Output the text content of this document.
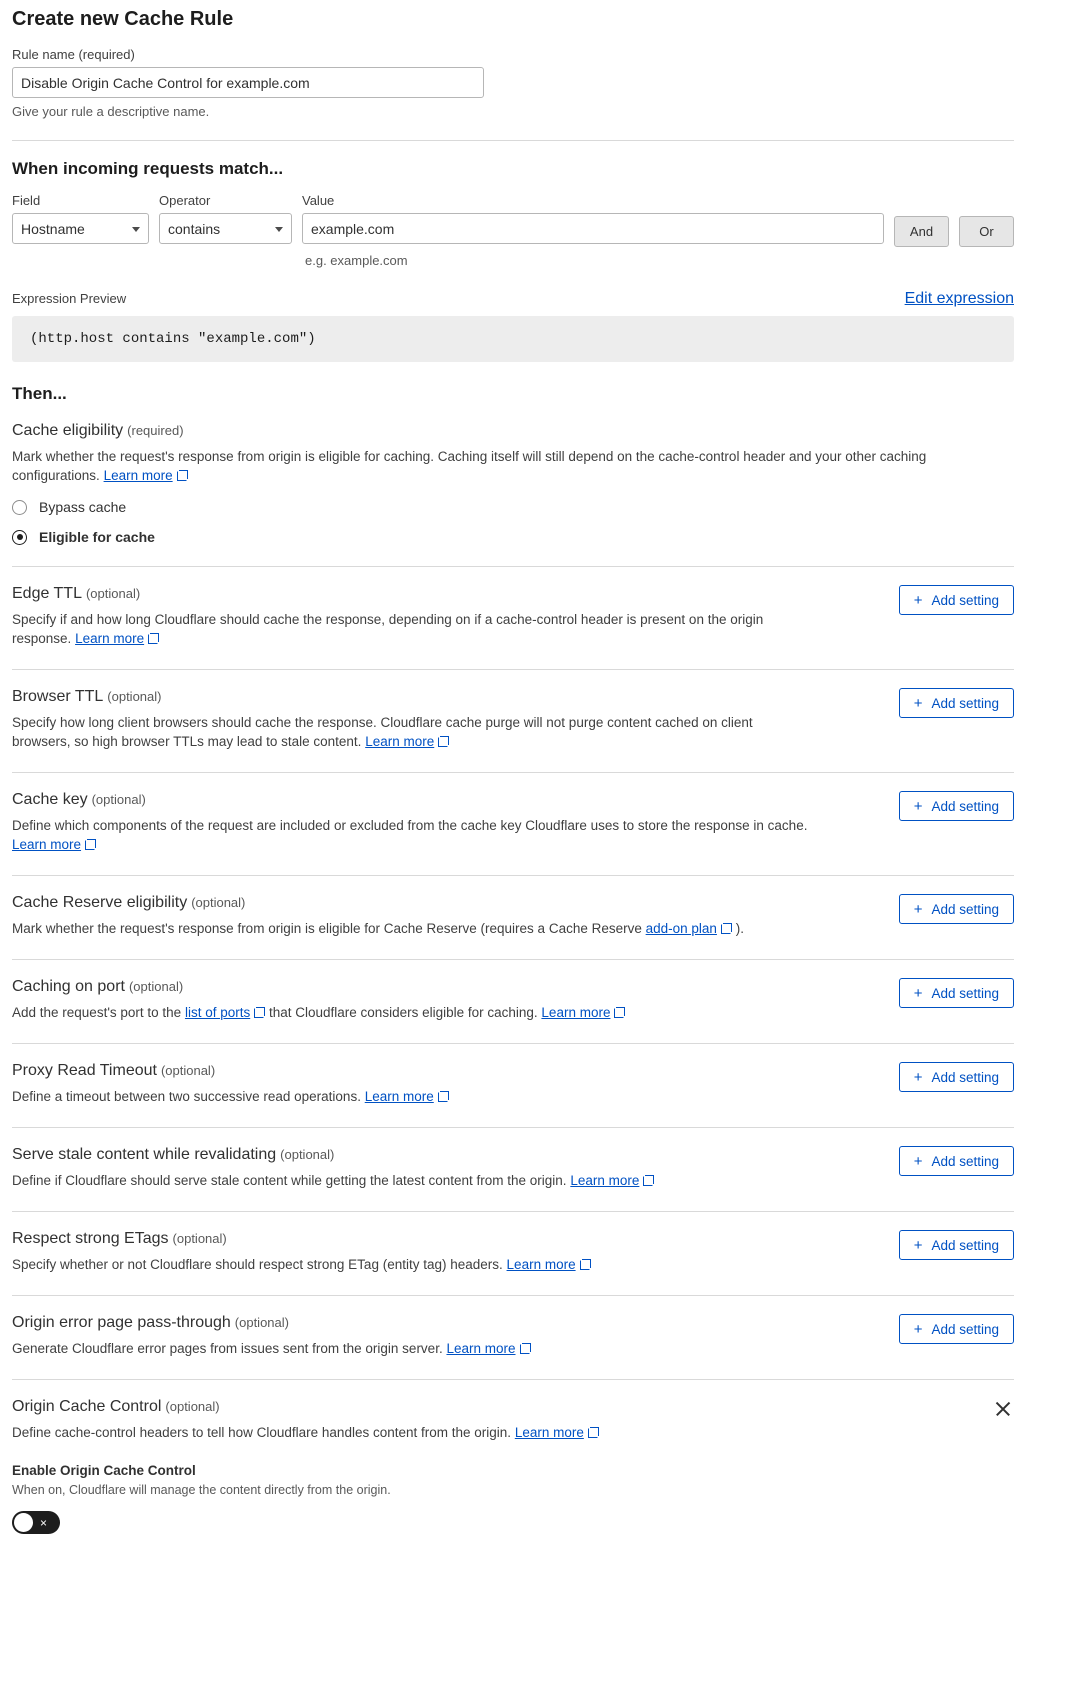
Create new Cache Rule
Rule name (required)
Disable Origin Cache Control for example.com
Give your rule a descriptive name.
When incoming requests match...
Field
Hostname
Operator
contains
Value
example.com
And	Or
e.g. example.com
Expression Preview	Edit expression
(http.host contains "example.com")
Then...
Cache eligibility (required)
Mark whether the request's response from origin is eligible for caching. Caching itself will still depend on the cache-control header and your other caching configurations. Learn more
Bypass cache
Eligible for cache
Edge TTL (optional)
Specify if and how long Cloudflare should cache the response, depending on if a cache-control header is present on the origin response. Learn more
+ Add setting
Browser TTL (optional)
Specify how long client browsers should cache the response. Cloudflare cache purge will not purge content cached on client browsers, so high browser TTLs may lead to stale content. Learn more
+ Add setting
Cache key (optional)
Define which components of the request are included or excluded from the cache key Cloudflare uses to store the response in cache. Learn more
+ Add setting
Cache Reserve eligibility (optional)
Mark whether the request's response from origin is eligible for Cache Reserve (requires a Cache Reserve add-on plan ).
+ Add setting
Caching on port (optional)
Add the request's port to the list of ports that Cloudflare considers eligible for caching. Learn more
+ Add setting
Proxy Read Timeout (optional)
Define a timeout between two successive read operations. Learn more
+ Add setting
Serve stale content while revalidating (optional)
Define if Cloudflare should serve stale content while getting the latest content from the origin. Learn more
+ Add setting
Respect strong ETags (optional)
Specify whether or not Cloudflare should respect strong ETag (entity tag) headers. Learn more
+ Add setting
Origin error page pass-through (optional)
Generate Cloudflare error pages from issues sent from the origin server. Learn more
+ Add setting
Origin Cache Control (optional)
Define cache-control headers to tell how Cloudflare handles content from the origin. Learn more
Enable Origin Cache Control
When on, Cloudflare will manage the content directly from the origin.
×
